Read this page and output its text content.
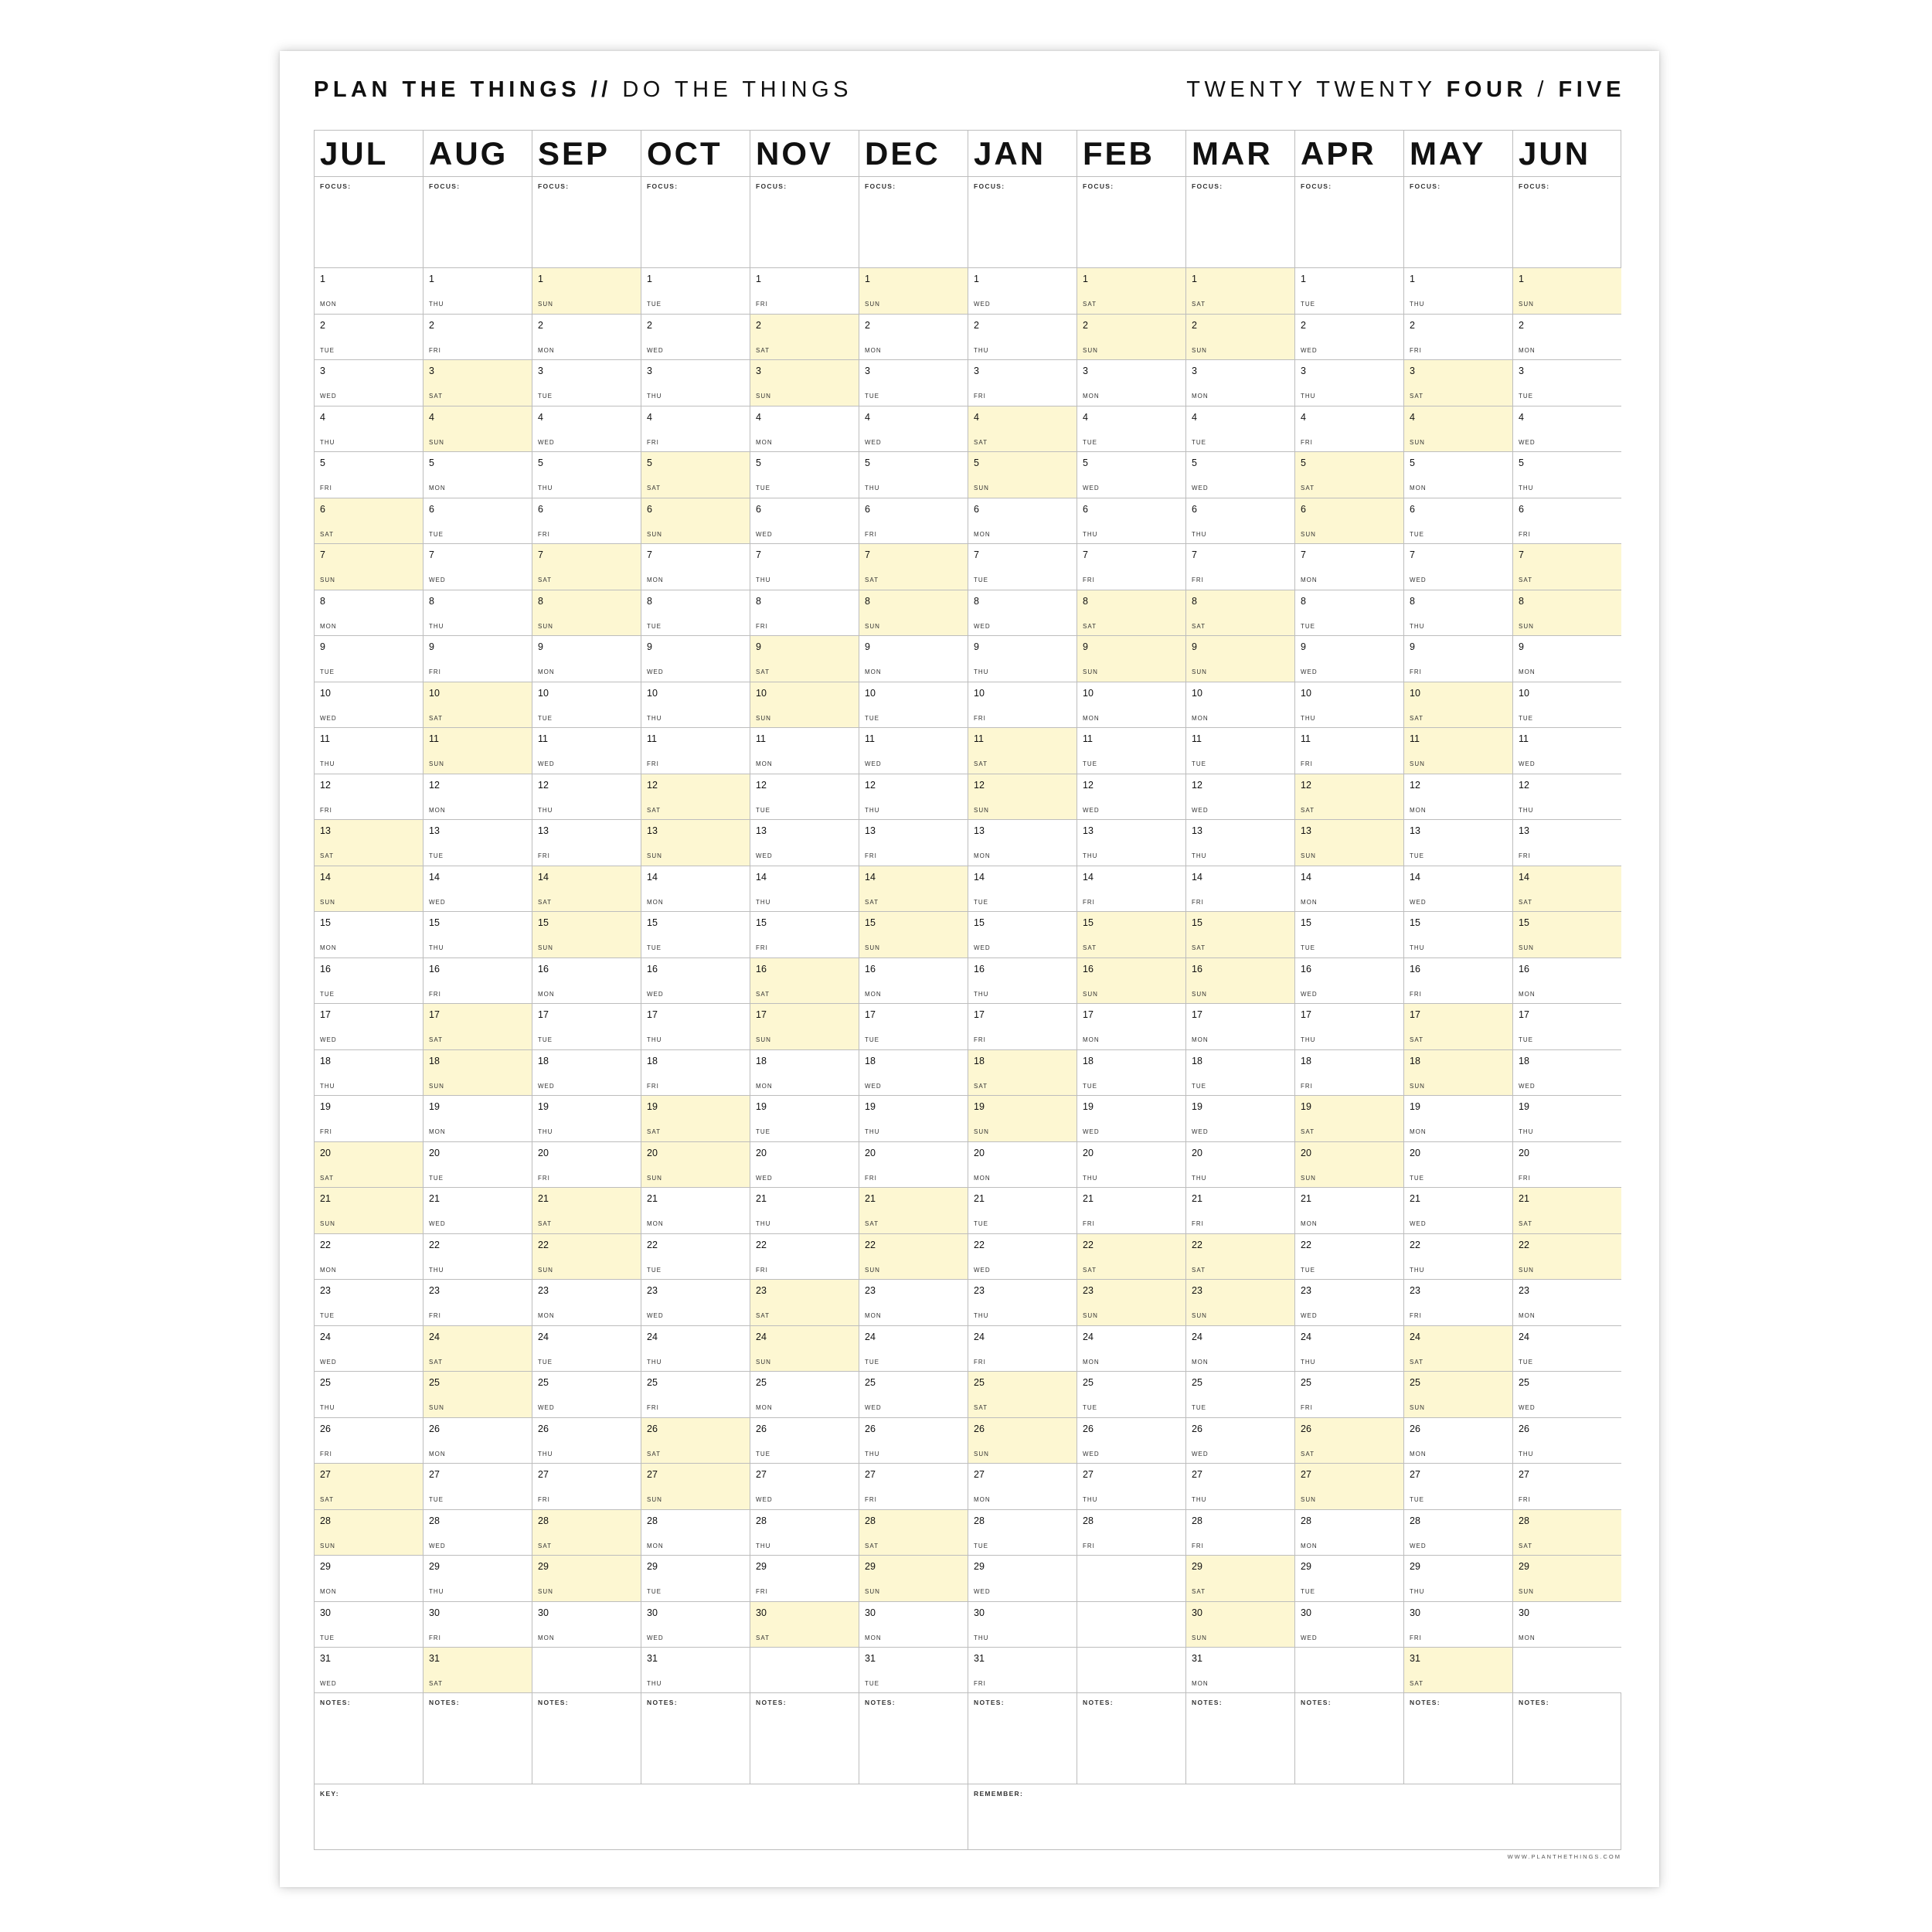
PLAN THE THINGS // DO THE THINGS	TWENTY TWENTY FOUR / FIVE
JUL
FOCUS:
1
MON
2
TUE
3
WED
4
THU
5
FRI
6
SAT
7
SUN
8
MON
9
TUE
10
WED
11
THU
12
FRI
13
SAT
14
SUN
15
MON
16
TUE
17
WED
18
THU
19
FRI
20
SAT
21
SUN
22
MON
23
TUE
24
WED
25
THU
26
FRI
27
SAT
28
SUN
29
MON
30
TUE
31
WED
NOTES:
AUG
FOCUS:
1
THU
2
FRI
3
SAT
4
SUN
5
MON
6
TUE
7
WED
8
THU
9
FRI
10
SAT
11
SUN
12
MON
13
TUE
14
WED
15
THU
16
FRI
17
SAT
18
SUN
19
MON
20
TUE
21
WED
22
THU
23
FRI
24
SAT
25
SUN
26
MON
27
TUE
28
WED
29
THU
30
FRI
31
SAT
NOTES:
SEP
FOCUS:
1
SUN
2
MON
3
TUE
4
WED
5
THU
6
FRI
7
SAT
8
SUN
9
MON
10
TUE
11
WED
12
THU
13
FRI
14
SAT
15
SUN
16
MON
17
TUE
18
WED
19
THU
20
FRI
21
SAT
22
SUN
23
MON
24
TUE
25
WED
26
THU
27
FRI
28
SAT
29
SUN
30
MON
NOTES:
OCT
FOCUS:
1
TUE
2
WED
3
THU
4
FRI
5
SAT
6
SUN
7
MON
8
TUE
9
WED
10
THU
11
FRI
12
SAT
13
SUN
14
MON
15
TUE
16
WED
17
THU
18
FRI
19
SAT
20
SUN
21
MON
22
TUE
23
WED
24
THU
25
FRI
26
SAT
27
SUN
28
MON
29
TUE
30
WED
31
THU
NOTES:
NOV
FOCUS:
1
FRI
2
SAT
3
SUN
4
MON
5
TUE
6
WED
7
THU
8
FRI
9
SAT
10
SUN
11
MON
12
TUE
13
WED
14
THU
15
FRI
16
SAT
17
SUN
18
MON
19
TUE
20
WED
21
THU
22
FRI
23
SAT
24
SUN
25
MON
26
TUE
27
WED
28
THU
29
FRI
30
SAT
NOTES:
DEC
FOCUS:
1
SUN
2
MON
3
TUE
4
WED
5
THU
6
FRI
7
SAT
8
SUN
9
MON
10
TUE
11
WED
12
THU
13
FRI
14
SAT
15
SUN
16
MON
17
TUE
18
WED
19
THU
20
FRI
21
SAT
22
SUN
23
MON
24
TUE
25
WED
26
THU
27
FRI
28
SAT
29
SUN
30
MON
31
TUE
NOTES:
JAN
FOCUS:
1
WED
2
THU
3
FRI
4
SAT
5
SUN
6
MON
7
TUE
8
WED
9
THU
10
FRI
11
SAT
12
SUN
13
MON
14
TUE
15
WED
16
THU
17
FRI
18
SAT
19
SUN
20
MON
21
TUE
22
WED
23
THU
24
FRI
25
SAT
26
SUN
27
MON
28
TUE
29
WED
30
THU
31
FRI
NOTES:
FEB
FOCUS:
1
SAT
2
SUN
3
MON
4
TUE
5
WED
6
THU
7
FRI
8
SAT
9
SUN
10
MON
11
TUE
12
WED
13
THU
14
FRI
15
SAT
16
SUN
17
MON
18
TUE
19
WED
20
THU
21
FRI
22
SAT
23
SUN
24
MON
25
TUE
26
WED
27
THU
28
FRI
NOTES:
MAR
FOCUS:
1
SAT
2
SUN
3
MON
4
TUE
5
WED
6
THU
7
FRI
8
SAT
9
SUN
10
MON
11
TUE
12
WED
13
THU
14
FRI
15
SAT
16
SUN
17
MON
18
TUE
19
WED
20
THU
21
FRI
22
SAT
23
SUN
24
MON
25
TUE
26
WED
27
THU
28
FRI
29
SAT
30
SUN
31
MON
NOTES:
APR
FOCUS:
1
TUE
2
WED
3
THU
4
FRI
5
SAT
6
SUN
7
MON
8
TUE
9
WED
10
THU
11
FRI
12
SAT
13
SUN
14
MON
15
TUE
16
WED
17
THU
18
FRI
19
SAT
20
SUN
21
MON
22
TUE
23
WED
24
THU
25
FRI
26
SAT
27
SUN
28
MON
29
TUE
30
WED
NOTES:
MAY
FOCUS:
1
THU
2
FRI
3
SAT
4
SUN
5
MON
6
TUE
7
WED
8
THU
9
FRI
10
SAT
11
SUN
12
MON
13
TUE
14
WED
15
THU
16
FRI
17
SAT
18
SUN
19
MON
20
TUE
21
WED
22
THU
23
FRI
24
SAT
25
SUN
26
MON
27
TUE
28
WED
29
THU
30
FRI
31
SAT
NOTES:
JUN
FOCUS:
1
SUN
2
MON
3
TUE
4
WED
5
THU
6
FRI
7
SAT
8
SUN
9
MON
10
TUE
11
WED
12
THU
13
FRI
14
SAT
15
SUN
16
MON
17
TUE
18
WED
19
THU
20
FRI
21
SAT
22
SUN
23
MON
24
TUE
25
WED
26
THU
27
FRI
28
SAT
29
SUN
30
MON
NOTES:
KEY:	REMEMBER:
WWW.PLANTHETHINGS.COM
